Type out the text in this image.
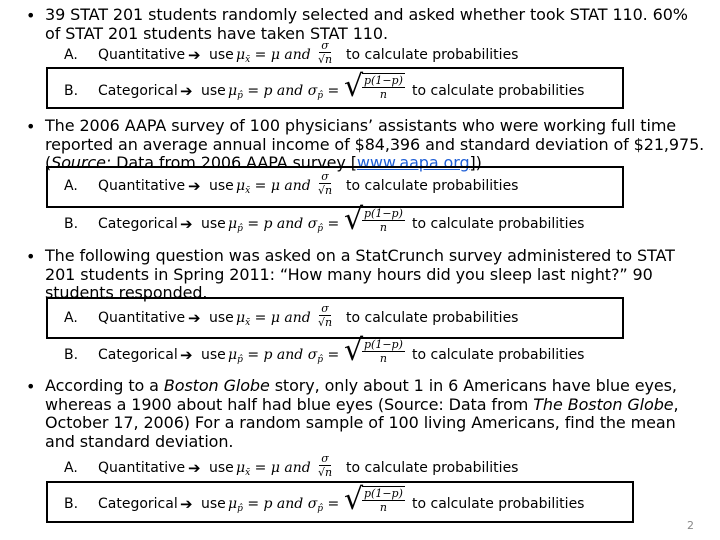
• 39 STAT 201 students randomly selected and asked whether took STAT 110. 60% of STAT 201 students have taken STAT 110.
A. Quantitative ➔ use $\mu_{x̄} = \mu$ and $\frac{\sigma}{√n}$ to calculate probabilities
B. Categorical ➔ use $\mu_{p̂} = p$ and $\sigma_{p̂}$ = √
$\frac{p(1-p)}{n}$ to calculate probabilities
• The 2006 AAPA survey of 100 physicians’ assistants who were working full time reported an average annual income of $84,396 and standard deviation of $21,975. (Source: Data from 2006 AAPA survey [www.aapa.org])
A. Quantitative ➔ use $\mu_{x̄} = \mu$ and $\frac{\sigma}{√n}$ to calculate probabilities
B. Categorical ➔ use $\mu_{p̂} = p$ and $\sigma_{p̂}$ = √
$\frac{p(1-p)}{n}$ to calculate probabilities
• The following question was asked on a StatCrunch survey administered to STAT 201 students in Spring 2011: “How many hours did you sleep last night?” 90 students responded.
A. Quantitative ➔ use $\mu_{x̄} = \mu$ and $\frac{\sigma}{√n}$ to calculate probabilities
B. Categorical ➔ use $\mu_{p̂} = p$ and $\sigma_{p̂}$ = √
$\frac{p(1-p)}{n}$ to calculate probabilities
• According to a Boston Globe story, only about 1 in 6 Americans have blue eyes, whereas a 1900 about half had blue eyes (Source: Data from The Boston Globe, October 17, 2006) For a random sample of 100 living Americans, find the mean and standard deviation.
A. Quantitative ➔ use $\mu_{x̄} = \mu$ and $\frac{\sigma}{√n}$ to calculate probabilities
B. Categorical ➔ use $\mu_{p̂} = p$ and $\sigma_{p̂}$ = √
$\frac{p(1-p)}{n}$ to calculate probabilities
2
